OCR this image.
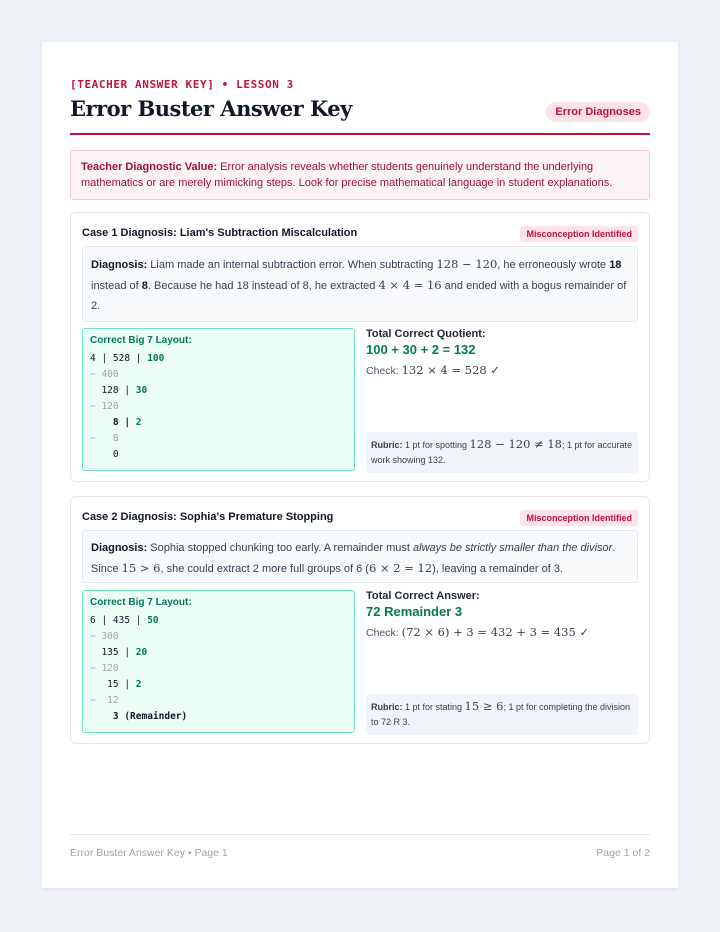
[TEACHER ANSWER KEY] • LESSON 3
Error Buster Answer Key	Error Diagnoses
Teacher Diagnostic Value: Error analysis reveals whether students genuinely understand the underlying mathematics or are merely mimicking steps. Look for precise mathematical language in student explanations.
Case 1 Diagnosis: Liam's Subtraction Miscalculation	Misconception Identified
Diagnosis: Liam made an internal subtraction error. When subtracting 128 − 120, he erroneously wrote 18 instead of 8. Because he had 18 instead of 8, he extracted 4 × 4 = 16 and ended with a bogus remainder of 2.
Correct Big 7 Layout:
4 | 528 | 100
− 400
128 | 30
− 120
8 | 2
−   8
0
Total Correct Quotient:
100 + 30 + 2 = 132
Check: 132 × 4 = 528 ✓
Rubric: 1 pt for spotting 128 − 120 ≠ 18; 1 pt for accurate work showing 132.
Case 2 Diagnosis: Sophia's Premature Stopping	Misconception Identified
Diagnosis: Sophia stopped chunking too early. A remainder must always be strictly smaller than the divisor. Since 15 > 6, she could extract 2 more full groups of 6 (6 × 2 = 12), leaving a remainder of 3.
Correct Big 7 Layout:
6 | 435 | 50
− 300
135 | 20
− 120
15 | 2
−  12
3 (Remainder)
Total Correct Answer:
72 Remainder 3
Check: (72 × 6) + 3 = 432 + 3 = 435 ✓
Rubric: 1 pt for stating 15 ≥ 6; 1 pt for completing the division to 72 R 3.
Error Buster Answer Key • Page 1	Page 1 of 2
